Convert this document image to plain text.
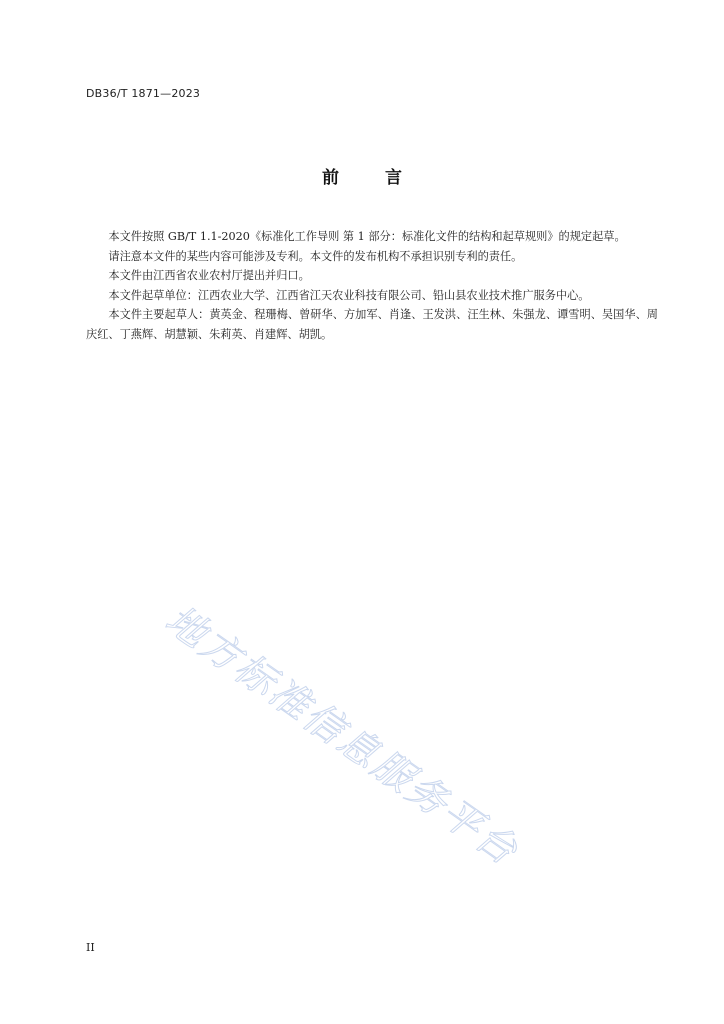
DB36/T 1871—2023
前言

本文件按照 GB/T 1.1-2020《标准化工作导则 第 1 部分：标准化文件的结构和起草规则》的规定起草。

请注意本文件的某些内容可能涉及专利。本文件的发布机构不承担识别专利的责任。

本文件由江西省农业农村厅提出并归口。

本文件起草单位：江西农业大学、江西省江天农业科技有限公司、铅山县农业技术推广服务中心。

本文件主要起草人：黄英金、程珊梅、曾研华、方加军、肖逢、王发洪、汪生林、朱强龙、谭雪明、吴国华、周庆红、丁燕辉、胡慧颖、朱莉英、肖建辉、胡凯。

地方标准信息服务平台
II
